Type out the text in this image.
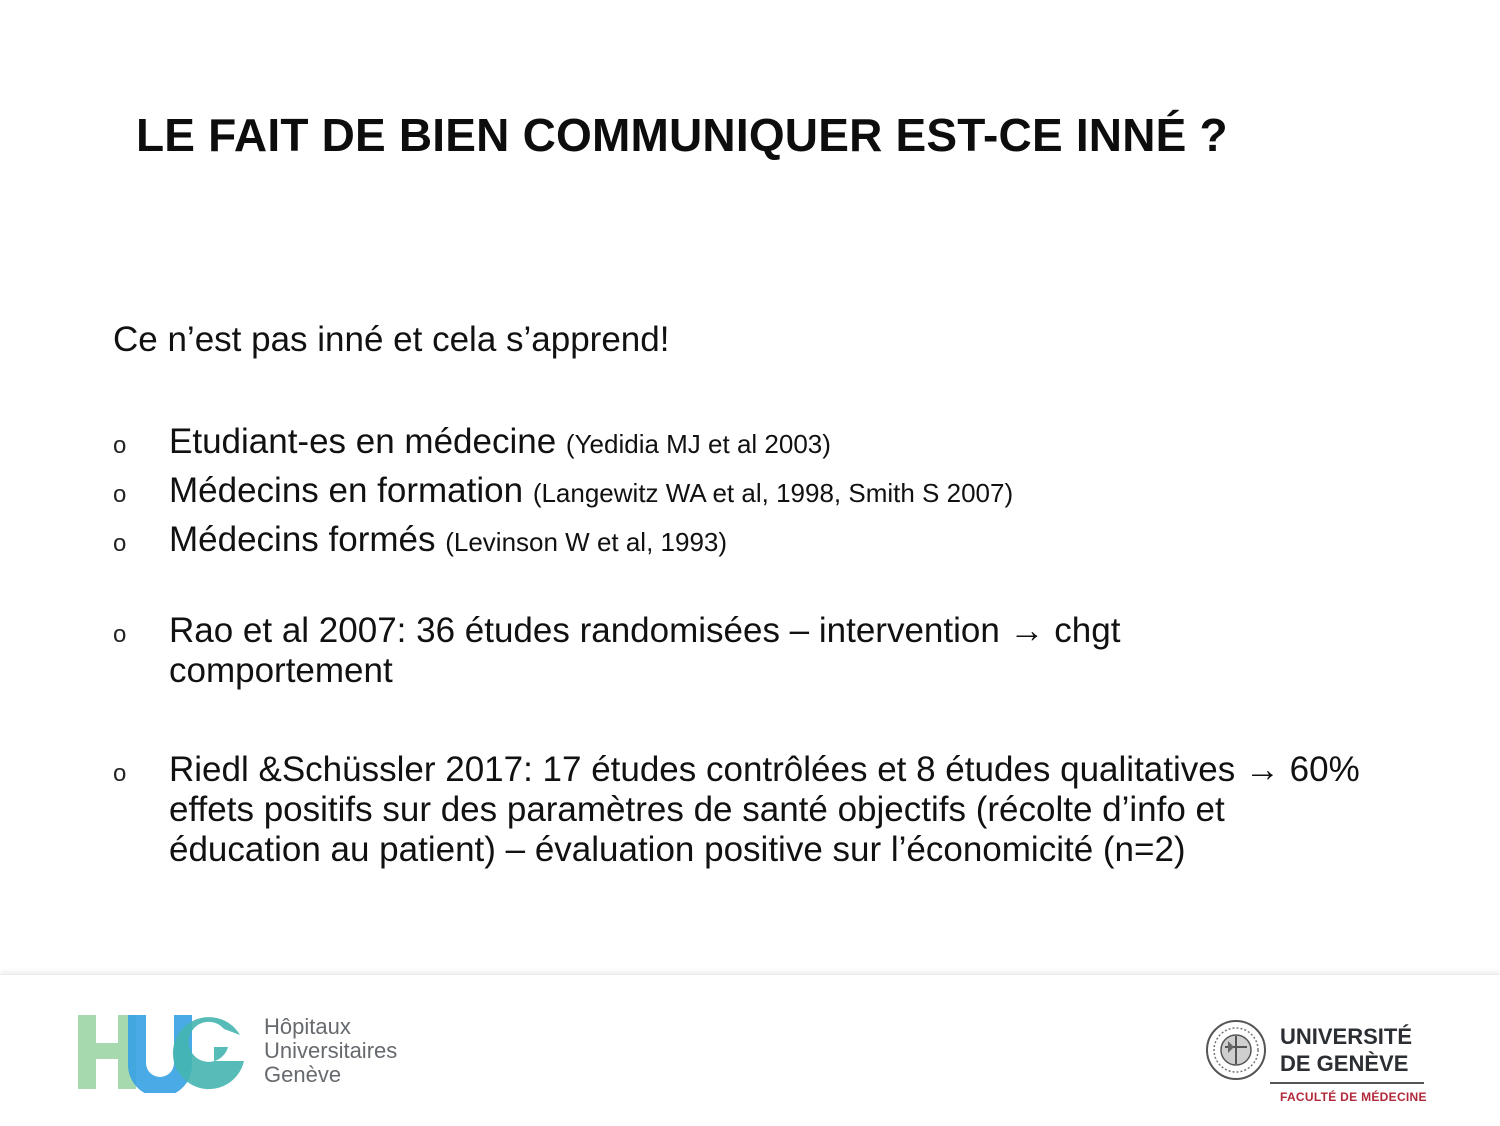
LE FAIT DE BIEN COMMUNIQUER EST-CE INNÉ ?
Ce n’est pas inné et cela s’apprend!
o Etudiant-es en médecine (Yedidia MJ et al 2003)
o Médecins en formation (Langewitz WA et al, 1998, Smith S 2007)
o Médecins formés (Levinson W et al, 1993)
o Rao et al 2007: 36 études randomisées – intervention → chgt comportement
o Riedl &Schüssler 2017: 17 études contrôlées et 8 études qualitatives → 60% effets positifs sur des paramètres de santé objectifs (récolte d’info et éducation au patient) – évaluation positive sur l’économicité (n=2)
Hôpitaux
Universitaires
Genève
UNIVERSITÉ
DE GENÈVE
FACULTÉ DE MÉDECINE
